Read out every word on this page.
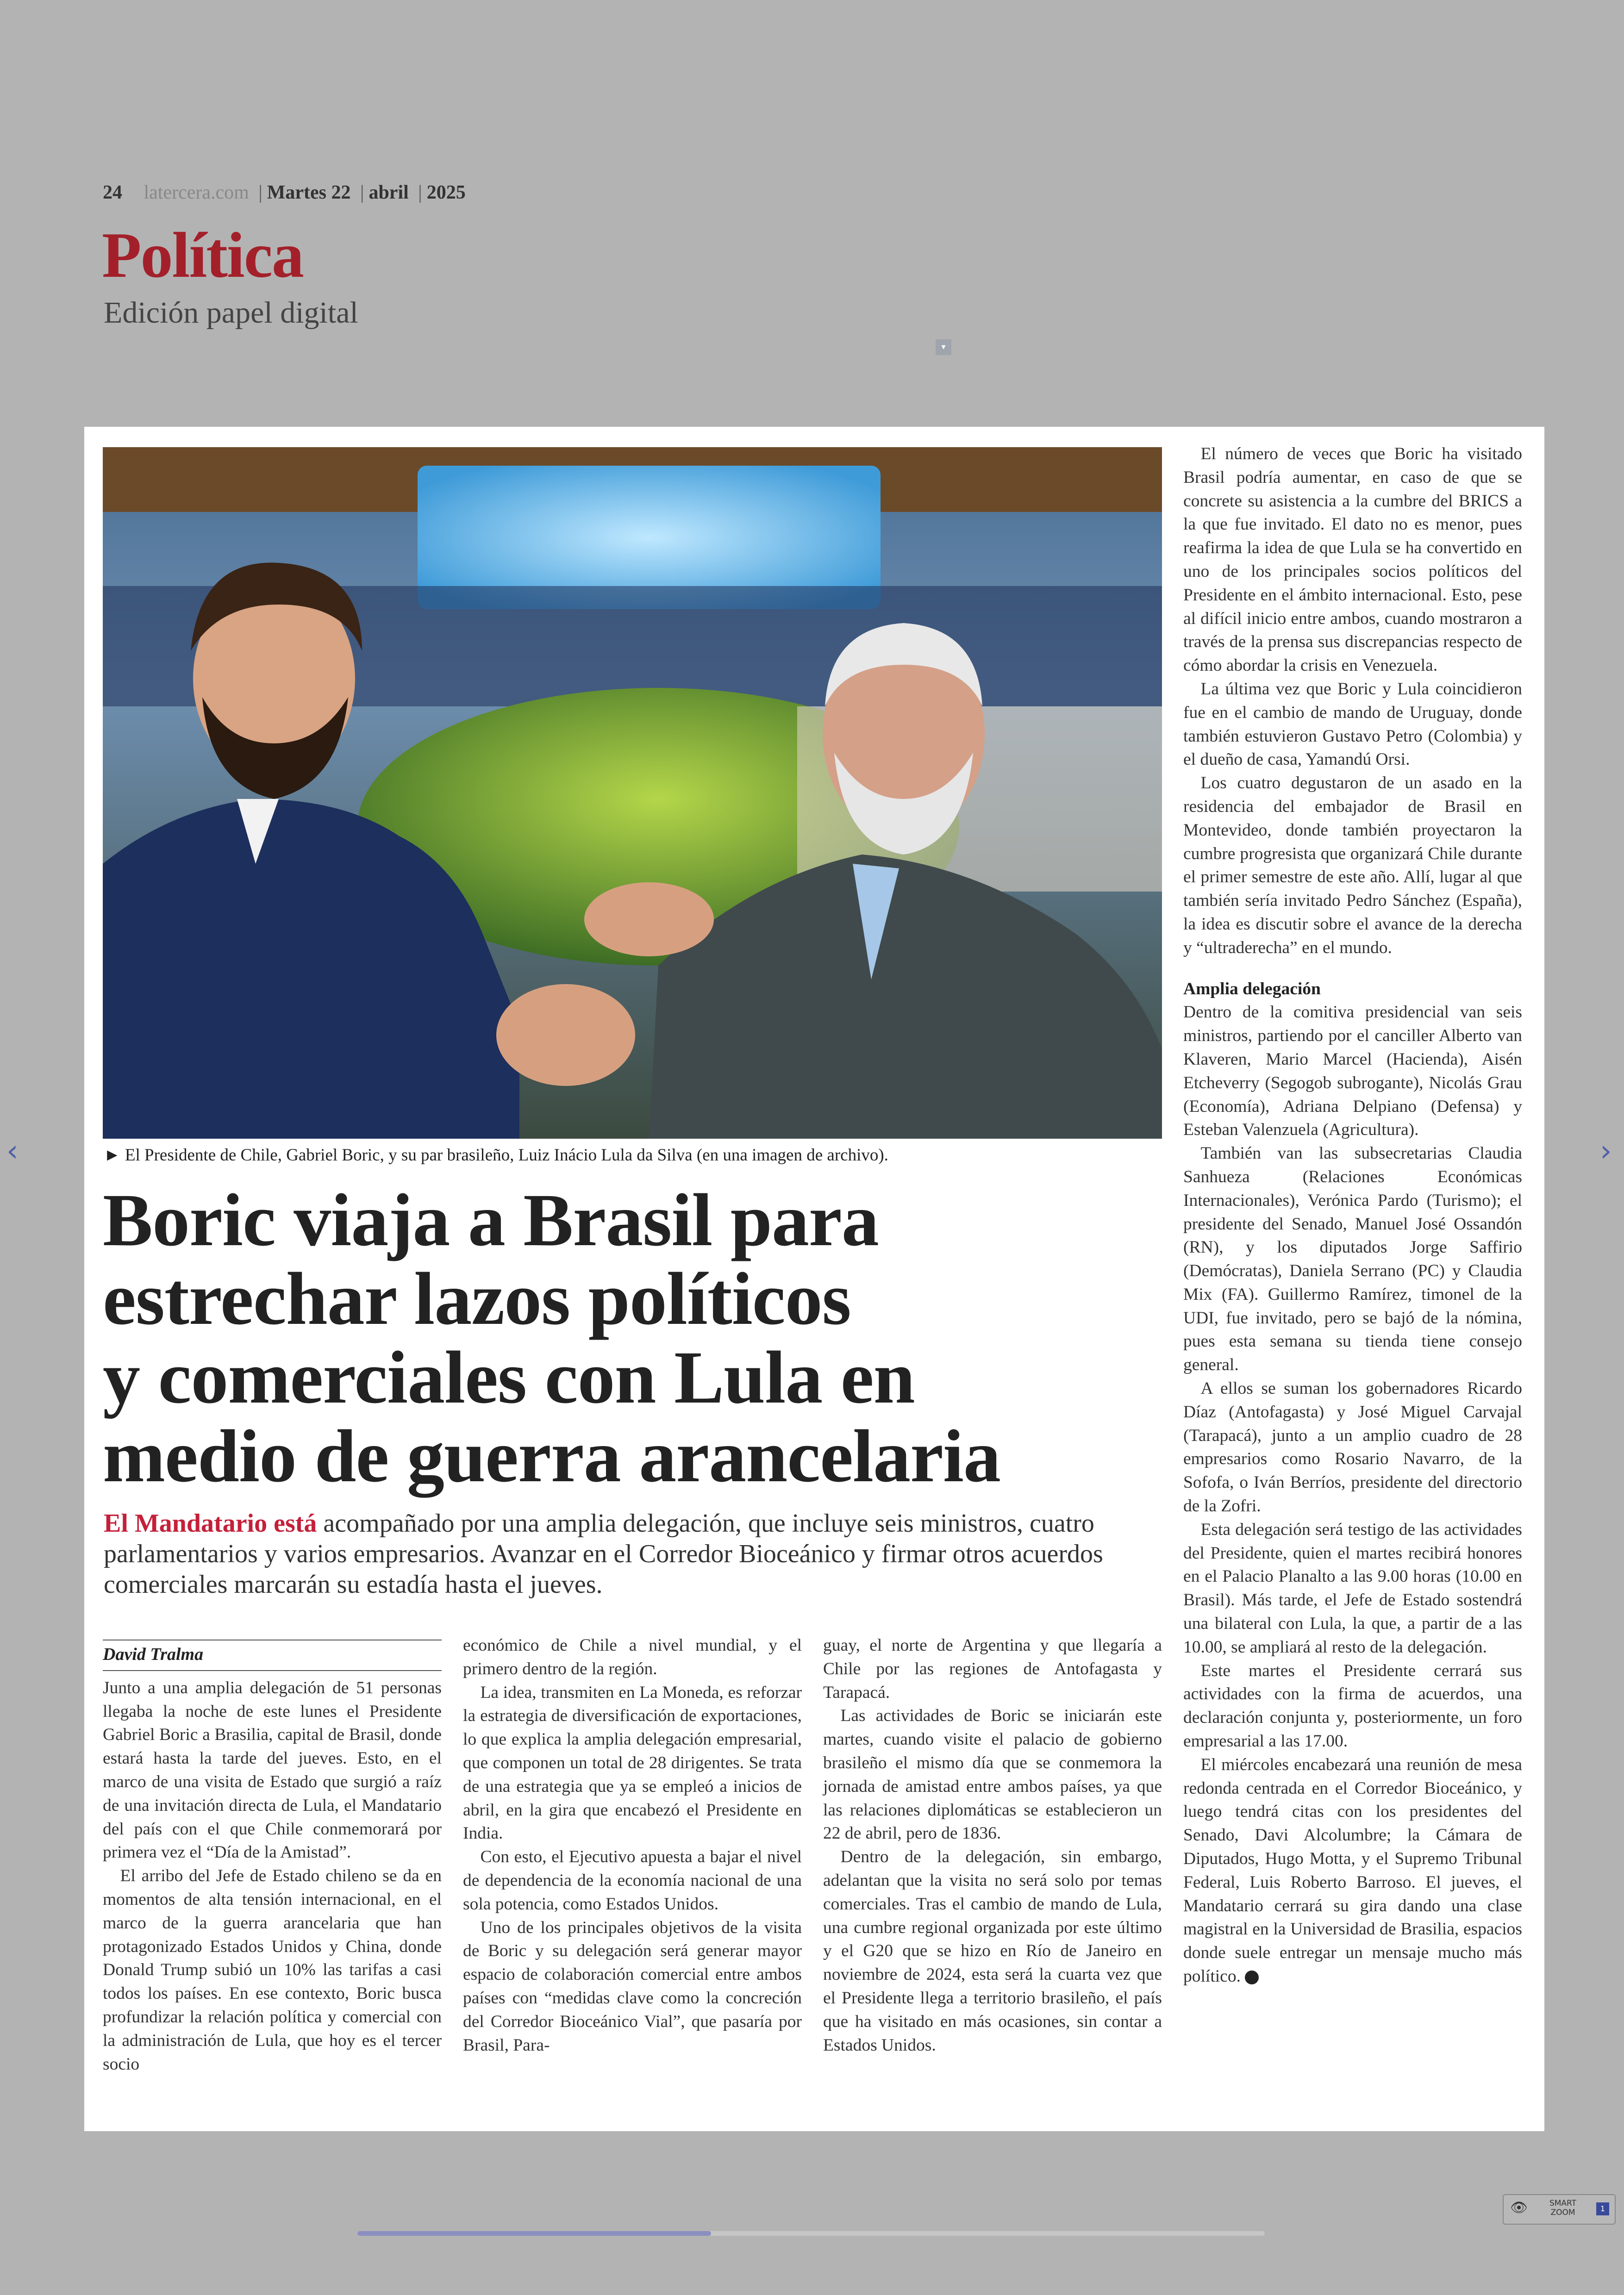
24 latercera.com | Martes 22 | abril | 2025
Política
Edición papel digital
▾
‹	›
► El Presidente de Chile, Gabriel Boric, y su par brasileño, Luiz Inácio Lula da Silva (en una imagen de archivo).
Boric viaja a Brasil para
estrechar lazos políticos
y comerciales con Lula en
medio de guerra arancelaria
El Mandatario está acompañado por una amplia delegación, que incluye seis ministros, cuatro parlamentarios y varios empresarios. Avanzar en el Corredor Bioceánico y firmar otros acuerdos comerciales marcarán su estadía hasta el jueves.
David Tralma

Junto a una amplia delegación de 51 personas llegaba la noche de este lunes el Presidente Gabriel Boric a Brasilia, capital de Brasil, donde estará hasta la tarde del jueves. Esto, en el marco de una visita de Estado que surgió a raíz de una invitación directa de Lula, el Mandatario del país con el que Chile conmemorará por primera vez el “Día de la Amistad”.

El arribo del Jefe de Estado chileno se da en momentos de alta tensión internacional, en el marco de la guerra arancelaria que han protagonizado Estados Unidos y China, donde Donald Trump subió un 10% las tarifas a casi todos los países. En ese contexto, Boric busca profundizar la relación política y comercial con la administración de Lula, que hoy es el tercer socio

económico de Chile a nivel mundial, y el primero dentro de la región.

La idea, transmiten en La Moneda, es reforzar la estrategia de diversificación de exportaciones, lo que explica la amplia delegación empresarial, que componen un total de 28 dirigentes. Se trata de una estrategia que ya se empleó a inicios de abril, en la gira que encabezó el Presidente en India.

Con esto, el Ejecutivo apuesta a bajar el nivel de dependencia de la economía nacional de una sola potencia, como Estados Unidos.

Uno de los principales objetivos de la visita de Boric y su delegación será generar mayor espacio de colaboración comercial entre ambos países con “medidas clave como la concreción del Corredor Bioceánico Vial”, que pasaría por Brasil, Para-

guay, el norte de Argentina y que llegaría a Chile por las regiones de Antofagasta y Tarapacá.

Las actividades de Boric se iniciarán este martes, cuando visite el palacio de gobierno brasileño el mismo día que se conmemora la jornada de amistad entre ambos países, ya que las relaciones diplomáticas se establecieron un 22 de abril, pero de 1836.

Dentro de la delegación, sin embargo, adelantan que la visita no será solo por temas comerciales. Tras el cambio de mando de Lula, una cumbre regional organizada por este último y el G20 que se hizo en Río de Janeiro en noviembre de 2024, esta será la cuarta vez que el Presidente llega a territorio brasileño, el país que ha visitado en más ocasiones, sin contar a Estados Unidos.

El número de veces que Boric ha visitado Brasil podría aumentar, en caso de que se concrete su asistencia a la cumbre del BRICS a la que fue invitado. El dato no es menor, pues reafirma la idea de que Lula se ha convertido en uno de los principales socios políticos del Presidente en el ámbito internacional. Esto, pese al difícil inicio entre ambos, cuando mostraron a través de la prensa sus discrepancias respecto de cómo abordar la crisis en Venezuela.

La última vez que Boric y Lula coincidieron fue en el cambio de mando de Uruguay, donde también estuvieron Gustavo Petro (Colombia) y el dueño de casa, Yamandú Orsi.

Los cuatro degustaron de un asado en la residencia del embajador de Brasil en Montevideo, donde también proyectaron la cumbre progresista que organizará Chile durante el primer semestre de este año. Allí, lugar al que también sería invitado Pedro Sánchez (España), la idea es discutir sobre el avance de la derecha y “ultraderecha” en el mundo.

Amplia delegación

Dentro de la comitiva presidencial van seis ministros, partiendo por el canciller Alberto van Klaveren, Mario Marcel (Hacienda), Aisén Etcheverry (Segogob subrogante), Nicolás Grau (Economía), Adriana Delpiano (Defensa) y Esteban Valenzuela (Agricultura).

También van las subsecretarias Claudia Sanhueza (Relaciones Económicas Internacionales), Verónica Pardo (Turismo); el presidente del Senado, Manuel José Ossandón (RN), y los diputados Jorge Saffirio (Demócratas), Daniela Serrano (PC) y Claudia Mix (FA). Guillermo Ramírez, timonel de la UDI, fue invitado, pero se bajó de la nómina, pues esta semana su tienda tiene consejo general.

A ellos se suman los gobernadores Ricardo Díaz (Antofagasta) y José Miguel Carvajal (Tarapacá), junto a un amplio cuadro de 28 empresarios como Rosario Navarro, de la Sofofa, o Iván Berríos, presidente del directorio de la Zofri.

Esta delegación será testigo de las actividades del Presidente, quien el martes recibirá honores en el Palacio Planalto a las 9.00 horas (10.00 en Brasil). Más tarde, el Jefe de Estado sostendrá una bilateral con Lula, la que, a partir de a las 10.00, se ampliará al resto de la delegación.

Este martes el Presidente cerrará sus actividades con la firma de acuerdos, una declaración conjunta y, posteriormente, un foro empresarial a las 17.00.

El miércoles encabezará una reunión de mesa redonda centrada en el Corredor Bioceánico, y luego tendrá citas con los presidentes del Senado, Davi Alcolumbre; la Cámara de Diputados, Hugo Motta, y el Supremo Tribunal Federal, Luis Roberto Barroso. El jueves, el Mandatario cerrará su gira dando una clase magistral en la Universidad de Brasilia, espacios donde suele entregar un mensaje mucho más político.

👁	SMART
ZOOM	1
